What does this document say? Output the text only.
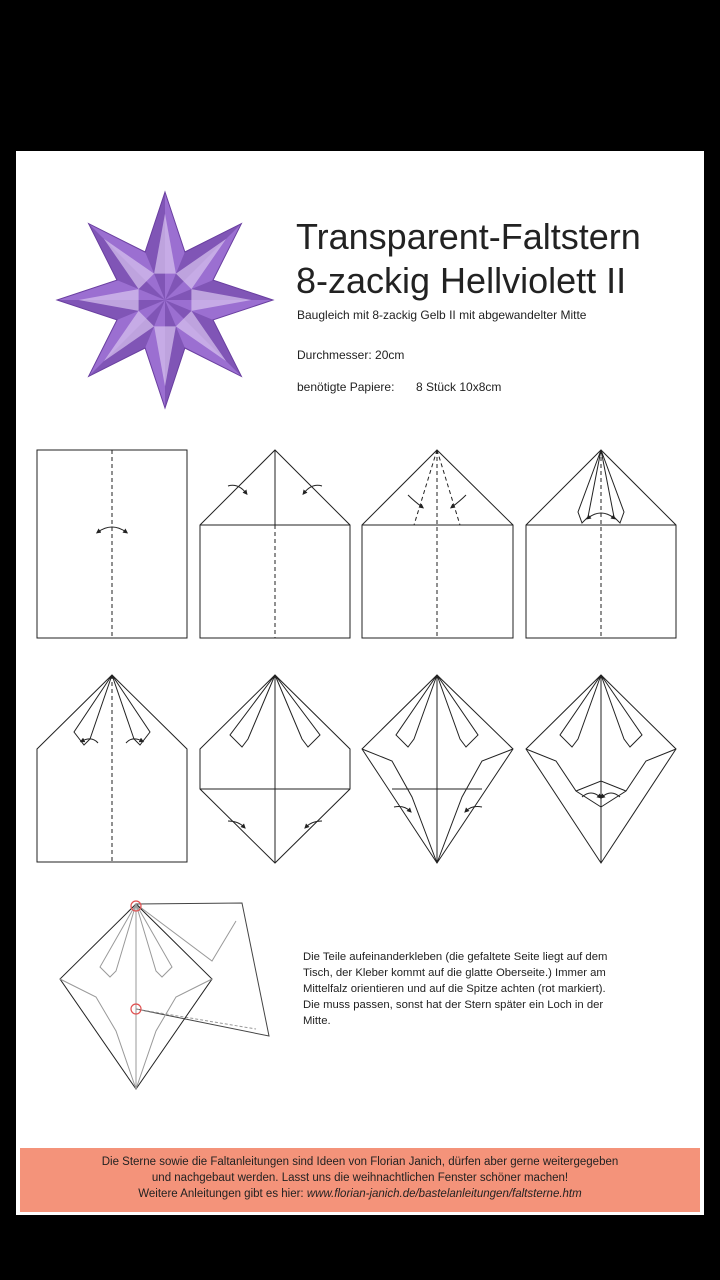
Transparent-Faltstern
8-zackig Hellviolett II
Baugleich mit 8-zackig Gelb II mit abgewandelter Mitte
Durchmesser: 20cm
benötigte Papiere: 8 Stück 10x8cm
Die Teile aufeinanderkleben (die gefaltete Seite liegt auf dem Tisch, der Kleber kommt auf die glatte Oberseite.) Immer am Mittelfalz orientieren und auf die Spitze achten (rot markiert). Die muss passen, sonst hat der Stern später ein Loch in der Mitte.
Die Sterne sowie die Faltanleitungen sind Ideen von Florian Janich, dürfen aber gerne weitergegeben
und nachgebaut werden. Lasst uns die weihnachtlichen Fenster schöner machen!
Weitere Anleitungen gibt es hier: www.florian-janich.de/bastelanleitungen/faltsterne.htm
